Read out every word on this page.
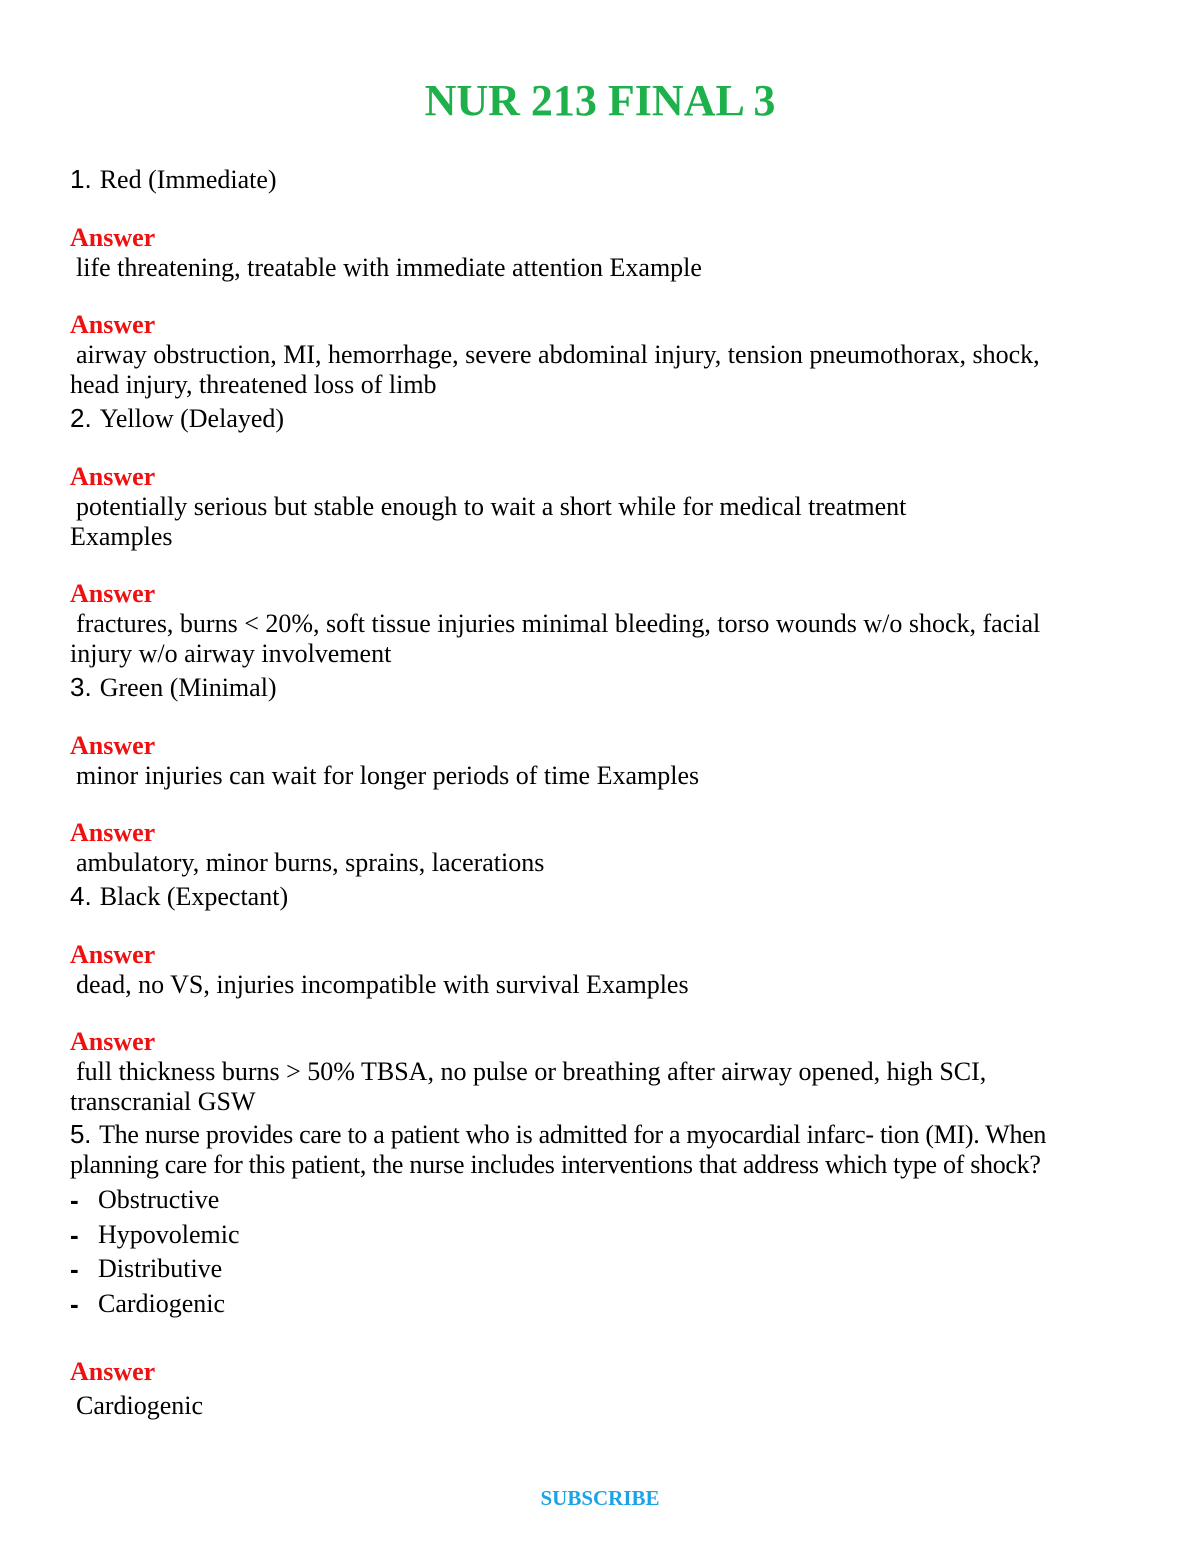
NUR 213 FINAL 3

1. Red (Immediate)

Answer

life threatening, treatable with immediate attention Example

Answer

airway obstruction, MI, hemorrhage, severe abdominal injury, tension pneumothorax, shock,

head injury, threatened loss of limb

2. Yellow (Delayed)

Answer

potentially serious but stable enough to wait a short while for medical treatment

Examples

Answer

fractures, burns < 20%, soft tissue injuries minimal bleeding, torso wounds w/o shock, facial

injury w/o airway involvement

3. Green (Minimal)

Answer

minor injuries can wait for longer periods of time Examples

Answer

ambulatory, minor burns, sprains, lacerations

4. Black (Expectant)

Answer

dead, no VS, injuries incompatible with survival Examples

Answer

full thickness burns > 50% TBSA, no pulse or breathing after airway opened, high SCI,

transcranial GSW

5. The nurse provides care to a patient who is admitted for a myocardial infarc- tion (MI). When

planning care for this patient, the nurse includes interventions that address which type of shock?

- Obstructive
- Hypovolemic
- Distributive
- Cardiogenic
Answer

Cardiogenic

SUBSCRIBE
